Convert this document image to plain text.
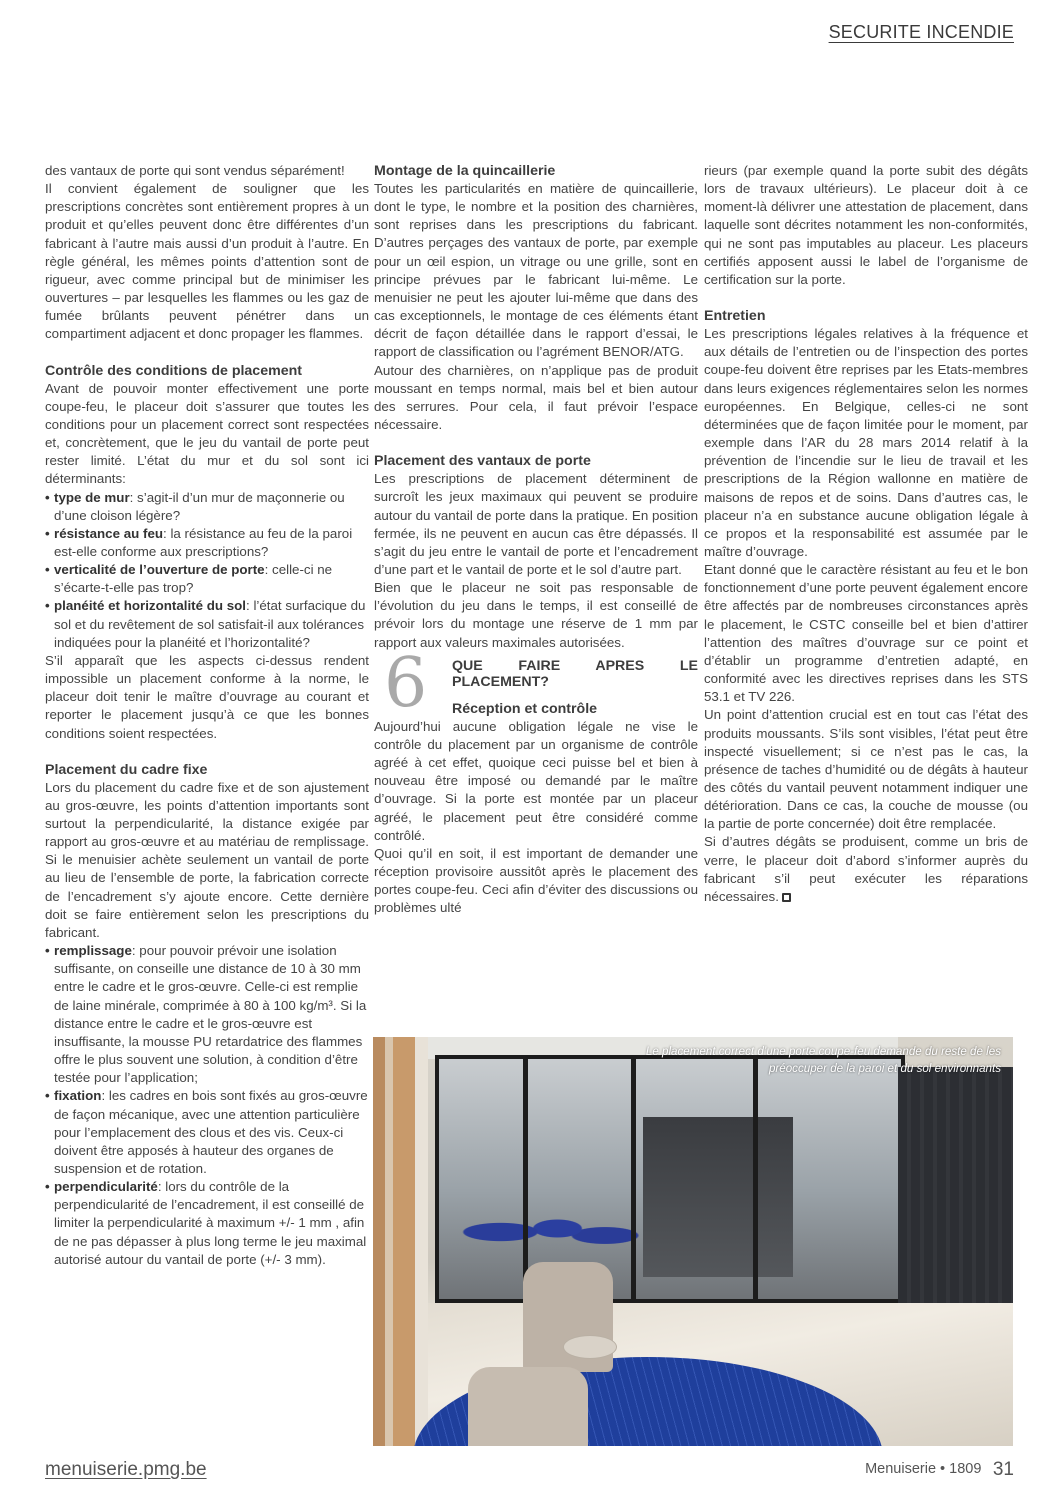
SECURITE INCENDIE

des vantaux de porte qui sont vendus séparément!

Il convient également de souligner que les prescriptions concrètes sont entièrement propres à un produit et qu’elles peuvent donc être différentes d’un fabricant à l’autre mais aussi d’un produit à l’autre. En règle général, les mêmes points d’attention sont de rigueur, avec comme principal but de minimiser les ouvertures – par lesquelles les flammes ou les gaz de fumée brûlants peuvent pénétrer dans un compartiment adjacent et donc propager les flammes.

Contrôle des conditions de placement

Avant de pouvoir monter effectivement une porte coupe-feu, le placeur doit s’assurer que toutes les conditions pour un placement correct sont respectées et, concrètement, que le jeu du vantail de porte peut rester limité. L’état du mur et du sol sont ici déterminants:

• type de mur: s’agit-il d’un mur de maçonnerie ou d’une cloison légère?
• résistance au feu: la résistance au feu de la paroi est-elle conforme aux prescriptions?
• verticalité de l’ouverture de porte: celle-ci ne s’écarte-t-elle pas trop?
• planéité et horizontalité du sol: l’état surfacique du sol et du revêtement de sol satisfait-il aux tolérances indiquées pour la planéité et l’horizontalité?

S’il apparaît que les aspects ci-dessus rendent impossible un placement conforme à la norme, le placeur doit tenir le maître d’ouvrage au courant et reporter le placement jusqu’à ce que les bonnes conditions soient respectées.

Placement du cadre fixe

Lors du placement du cadre fixe et de son ajustement au gros-œuvre, les points d’attention importants sont surtout la perpendicularité, la distance exigée par rapport au gros-œuvre et au matériau de remplissage. Si le menuisier achète seulement un vantail de porte au lieu de l’ensemble de porte, la fabrication correcte de l’encadrement s’y ajoute encore. Cette dernière doit se faire entièrement selon les prescriptions du fabricant.

• remplissage: pour pouvoir prévoir une isolation suffisante, on conseille une distance de 10 à 30 mm entre le cadre et le gros-œuvre. Celle-ci est remplie de laine minérale, comprimée à 80 à 100 kg/m³. Si la distance entre le cadre et le gros-œuvre est insuffisante, la mousse PU retardatrice des flammes offre le plus souvent une solution, à condition d’être testée pour l’application;
• fixation: les cadres en bois sont fixés au gros-œuvre de façon mécanique, avec une attention particulière pour l’emplacement des clous et des vis. Ceux-ci doivent être apposés à hauteur des organes de suspension et de rotation.
• perpendicularité: lors du contrôle de la perpendicularité de l’encadrement, il est conseillé de limiter la perpendicularité à maximum +/- 1 mm , afin de ne pas dépasser à plus long terme le jeu maximal autorisé autour du vantail de porte (+/- 3 mm).
Montage de la quincaillerie

Toutes les particularités en matière de quincaillerie, dont le type, le nombre et la position des charnières, sont reprises dans les prescriptions du fabricant. D’autres perçages des vantaux de porte, par exemple pour un œil espion, un vitrage ou une grille, sont en principe prévues par le fabricant lui-même. Le menuisier ne peut les ajouter lui-même que dans des cas exceptionnels, le montage de ces éléments étant décrit de façon détaillée dans le rapport d’essai, le rapport de classification ou l’agrément BENOR/ATG.

Autour des charnières, on n’applique pas de produit moussant en temps normal, mais bel et bien autour des serrures. Pour cela, il faut prévoir l’espace nécessaire.

Placement des vantaux de porte

Les prescriptions de placement déterminent de surcroît les jeux maximaux qui peuvent se produire autour du vantail de porte dans la pratique. En position fermée, ils ne peuvent en aucun cas être dépassés. Il s’agit du jeu entre le vantail de porte et l’encadrement d’une part et le vantail de porte et le sol d’autre part.

Bien que le placeur ne soit pas responsable de l’évolution du jeu dans le temps, il est conseillé de prévoir lors du montage une réserve de 1 mm par rapport aux valeurs maximales autorisées.

6 QUE FAIRE APRES LE PLACEMENT?
Réception et contrôle

Aujourd’hui aucune obligation légale ne vise le contrôle du placement par un organisme de contrôle agréé à cet effet, quoique ceci puisse bel et bien à nouveau être imposé ou demandé par le maître d’ouvrage. Si la porte est montée par un placeur agréé, le placement peut être considéré comme contrôlé.

Quoi qu’il en soit, il est important de demander une réception provisoire aussitôt après le placement des portes coupe-feu. Ceci afin d’éviter des discussions ou problèmes ulté

rieurs (par exemple quand la porte subit des dégâts lors de travaux ultérieurs). Le placeur doit à ce moment-là délivrer une attestation de placement, dans laquelle sont décrites notamment les non-conformités, qui ne sont pas imputables au placeur. Les placeurs certifiés apposent aussi le label de l’organisme de certification sur la porte.

Entretien

Les prescriptions légales relatives à la fréquence et aux détails de l’entretien ou de l’inspection des portes coupe-feu doivent être reprises par les Etats-membres dans leurs exigences réglementaires selon les normes européennes. En Belgique, celles-ci ne sont déterminées que de façon limitée pour le moment, par exemple dans l’AR du 28 mars 2014 relatif à la prévention de l’incendie sur le lieu de travail et les prescriptions de la Région wallonne en matière de maisons de repos et de soins. Dans d’autres cas, le placeur n’a en substance aucune obligation légale à ce propos et la responsabilité est assumée par le maître d’ouvrage.

Etant donné que le caractère résistant au feu et le bon fonctionnement d’une porte peuvent également encore être affectés par de nombreuses circonstances après le placement, le CSTC conseille bel et bien d’attirer l’attention des maîtres d’ouvrage sur ce point et d’établir un programme d’entretien adapté, en conformité avec les directives reprises dans les STS 53.1 et TV 226.

Un point d’attention crucial est en tout cas l’état des produits moussants. S’ils sont visibles, l’état peut être inspecté visuellement; si ce n’est pas le cas, la présence de taches d’humidité ou de dégâts à hauteur des côtés du vantail peuvent notamment indiquer une détérioration. Dans ce cas, la couche de mousse (ou la partie de porte concernée) doit être remplacée.

Si d’autres dégâts se produisent, comme un bris de verre, le placeur doit d’abord s’informer auprès du fabricant s’il peut exécuter les réparations nécessaires.

Le placement correct d’une porte coupe-feu demande du reste de les
préoccuper de la paroi et du sol environnants
menuiserie.pmg.be	Menuiserie • 1809 31
